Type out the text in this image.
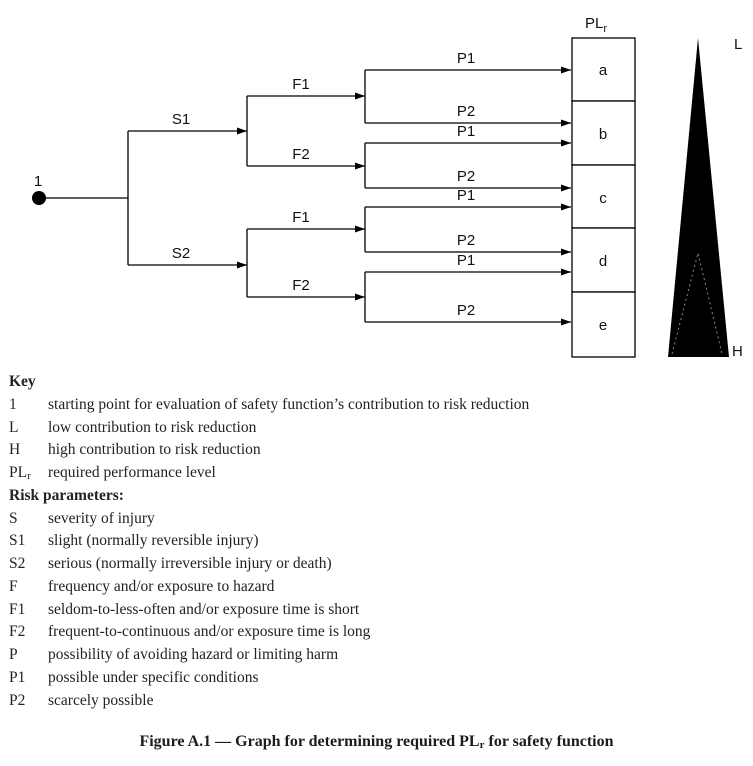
1
S1
S2
F1
F2
F1
F2
P1
P2
P1
P2
P1
P2
P1
P2
$PL_r$
a
b
c
d
e
L
H
Key
1	starting point for evaluation of safety function’s contribution to risk reduction
L	low contribution to risk reduction
H	high contribution to risk reduction
$PL_r$	required performance level
Risk parameters:
S	severity of injury
S1	slight (normally reversible injury)
S2	serious (normally irreversible injury or death)
F	frequency and/or exposure to hazard
F1	seldom-to-less-often and/or exposure time is short
F2	frequent-to-continuous and/or exposure time is long
P	possibility of avoiding hazard or limiting harm
P1	possible under specific conditions
P2	scarcely possible
Figure A.1 — Graph for determining required $PL_r$ for safety function
